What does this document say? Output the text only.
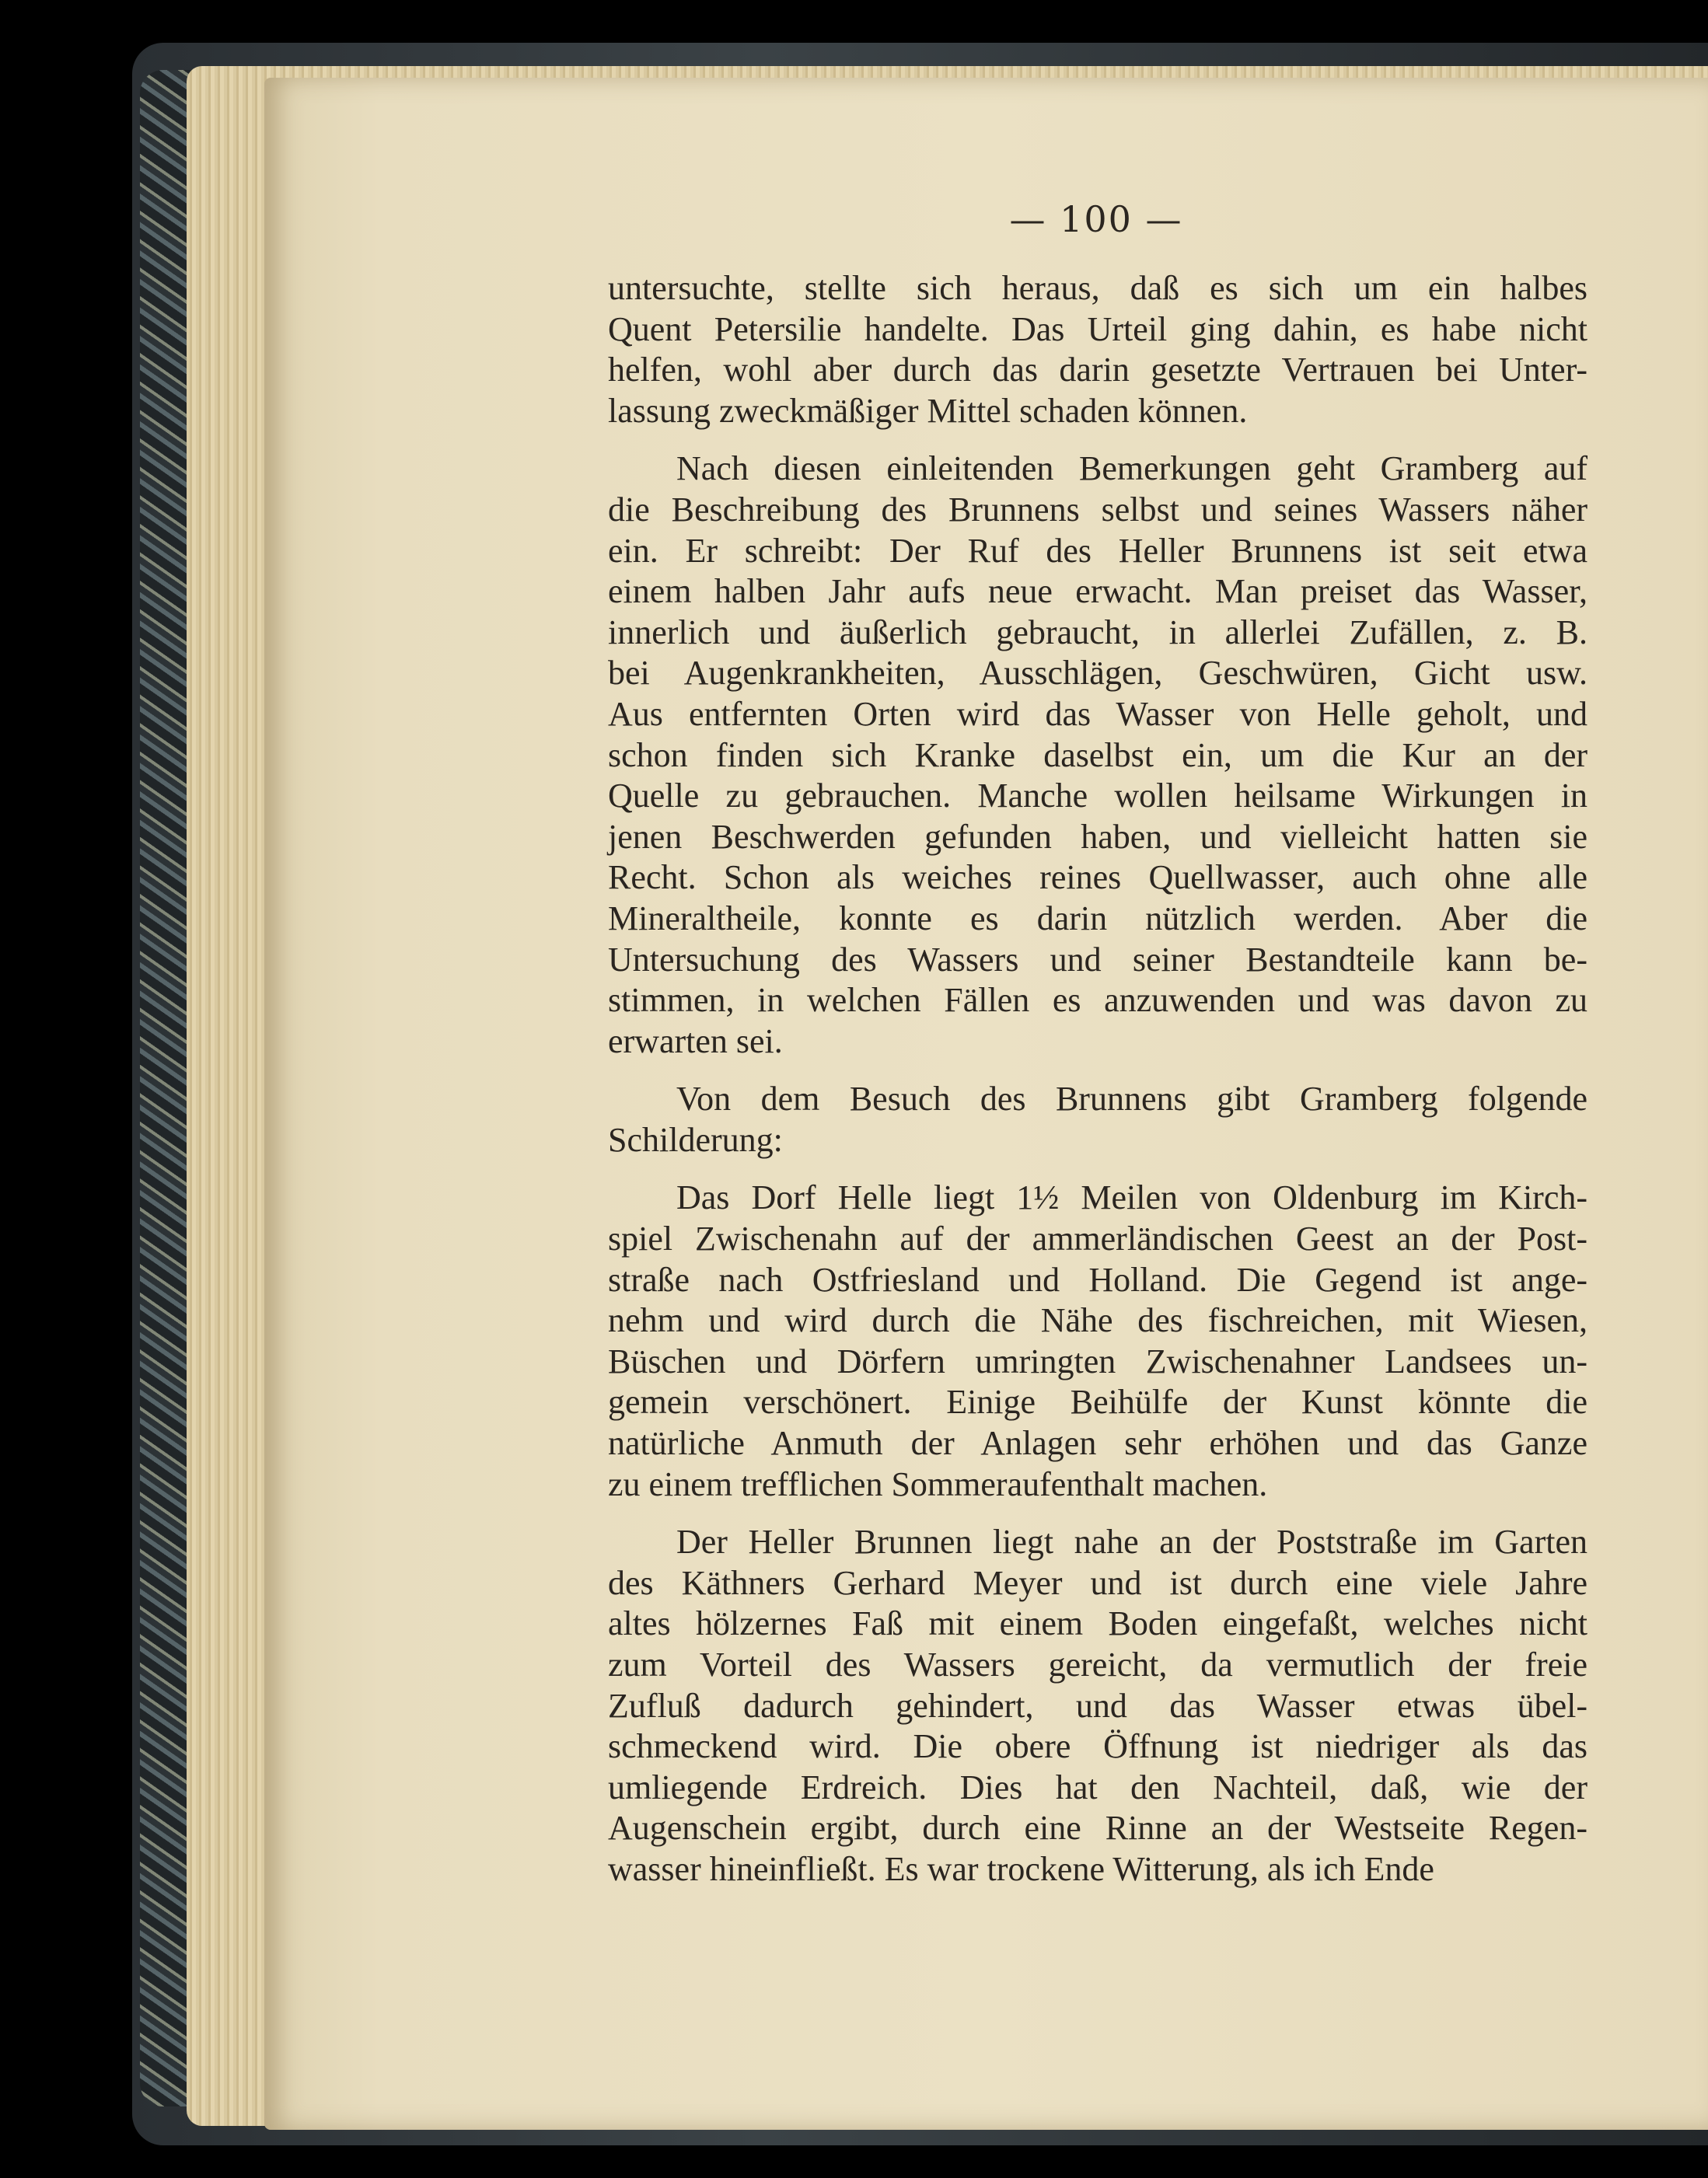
— 100 —

untersuchte, stellte sich heraus, daß es sich um ein halbes
Quent Petersilie handelte. Das Urteil ging dahin, es habe nicht
helfen, wohl aber durch das darin gesetzte Vertrauen bei Unter-
lassung zweckmäßiger Mittel schaden können.

Nach diesen einleitenden Bemerkungen geht Gramberg auf
die Beschreibung des Brunnens selbst und seines Wassers näher
ein. Er schreibt: Der Ruf des Heller Brunnens ist seit etwa
einem halben Jahr aufs neue erwacht. Man preiset das Wasser,
innerlich und äußerlich gebraucht, in allerlei Zufällen, z. B.
bei Augenkrankheiten, Ausschlägen, Geschwüren, Gicht usw.
Aus entfernten Orten wird das Wasser von Helle geholt, und
schon finden sich Kranke daselbst ein, um die Kur an der
Quelle zu gebrauchen. Manche wollen heilsame Wirkungen in
jenen Beschwerden gefunden haben, und vielleicht hatten sie
Recht. Schon als weiches reines Quellwasser, auch ohne alle
Mineraltheile, konnte es darin nützlich werden. Aber die
Untersuchung des Wassers und seiner Bestandteile kann be-
stimmen, in welchen Fällen es anzuwenden und was davon zu
erwarten sei.

Von dem Besuch des Brunnens gibt Gramberg folgende
Schilderung:

Das Dorf Helle liegt 1½ Meilen von Oldenburg im Kirch-
spiel Zwischenahn auf der ammerländischen Geest an der Post-
straße nach Ostfriesland und Holland. Die Gegend ist ange-
nehm und wird durch die Nähe des fischreichen, mit Wiesen,
Büschen und Dörfern umringten Zwischenahner Landsees un-
gemein verschönert. Einige Beihülfe der Kunst könnte die
natürliche Anmuth der Anlagen sehr erhöhen und das Ganze
zu einem trefflichen Sommeraufenthalt machen.

Der Heller Brunnen liegt nahe an der Poststraße im Garten
des Käthners Gerhard Meyer und ist durch eine viele Jahre
altes hölzernes Faß mit einem Boden eingefaßt, welches nicht
zum Vorteil des Wassers gereicht, da vermutlich der freie
Zufluß dadurch gehindert, und das Wasser etwas übel-
schmeckend wird. Die obere Öffnung ist niedriger als das
umliegende Erdreich. Dies hat den Nachteil, daß, wie der
Augenschein ergibt, durch eine Rinne an der Westseite Regen-
wasser hineinfließt. Es war trockene Witterung, als ich Ende
